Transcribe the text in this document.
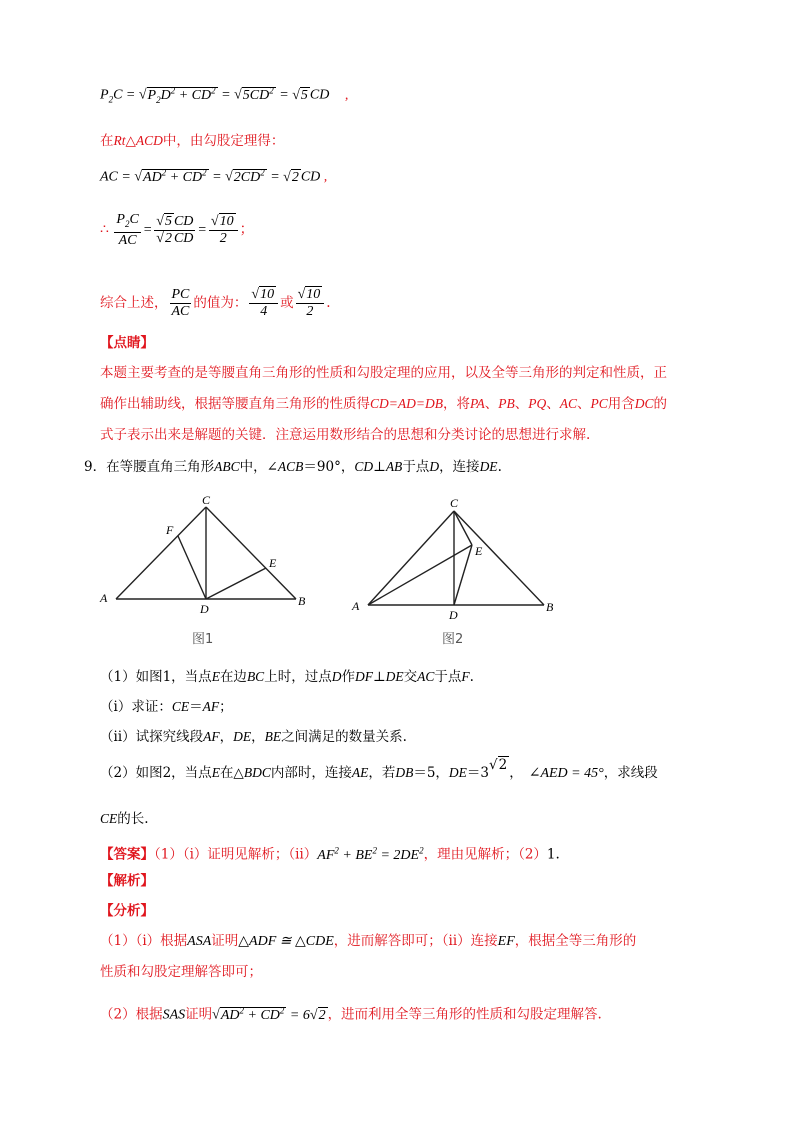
$P_2C = √P_2D^2 + CD^2 = √5CD^2 = √5$ CD ,
在Rt△ACD中，由勾股定理得：
AC = $√AD^2 + CD^2 = √2CD^2 = √2$ CD ,
∴ $\frac{P_2C}{AC} = \frac{√5 CD}{√2 CD} = \frac{√10}{2}$ ；
综合上述， $\frac{PC}{AC}$ 的值为： $\frac{√10}{4}$ 或 $\frac{√10}{2}$ .
【点睛】
本题主要考查的是等腰直角三角形的性质和勾股定理的应用，以及全等三角形的判定和性质，正
确作出辅助线，根据等腰直角三角形的性质得CD=AD=DB，将PA、PB、PQ、AC、PC用含DC的
式子表示出来是解题的关键．注意运用数形结合的思想和分类讨论的思想进行求解.
9．在等腰直角三角形ABC中，∠ACB＝90°，CD⊥AB于点D，连接DE.
A	B
C
D
E
F
图1
A	B
C
D
E
图2
（1）如图1，当点E在边BC上时，过点D作DF⊥DE交AC于点F.
（ⅰ）求证：CE＝AF；
（ⅱ）试探究线段AF，DE，BE之间满足的数量关系.
（2）如图2，当点E在△BDC内部时，连接AE，若DB＝5，DE＝3√2 ， ∠AED = 45°，求线段
CE的长.
【答案】（1）（ⅰ）证明见解析；$(ⅱ)AF^2 + BE^2 = 2DE^2$，理由见解析；（2）1.
【解析】
【分析】
（1）（ⅰ）根据ASA证明△ADF ≅ △CDE，进而解答即可；（ⅱ）连接EF，根据全等三角形的
性质和勾股定理解答即可；
（2）根据SAS证明$√AD^2 + CD^2 = 6√2$ ，进而利用全等三角形的性质和勾股定理解答.
